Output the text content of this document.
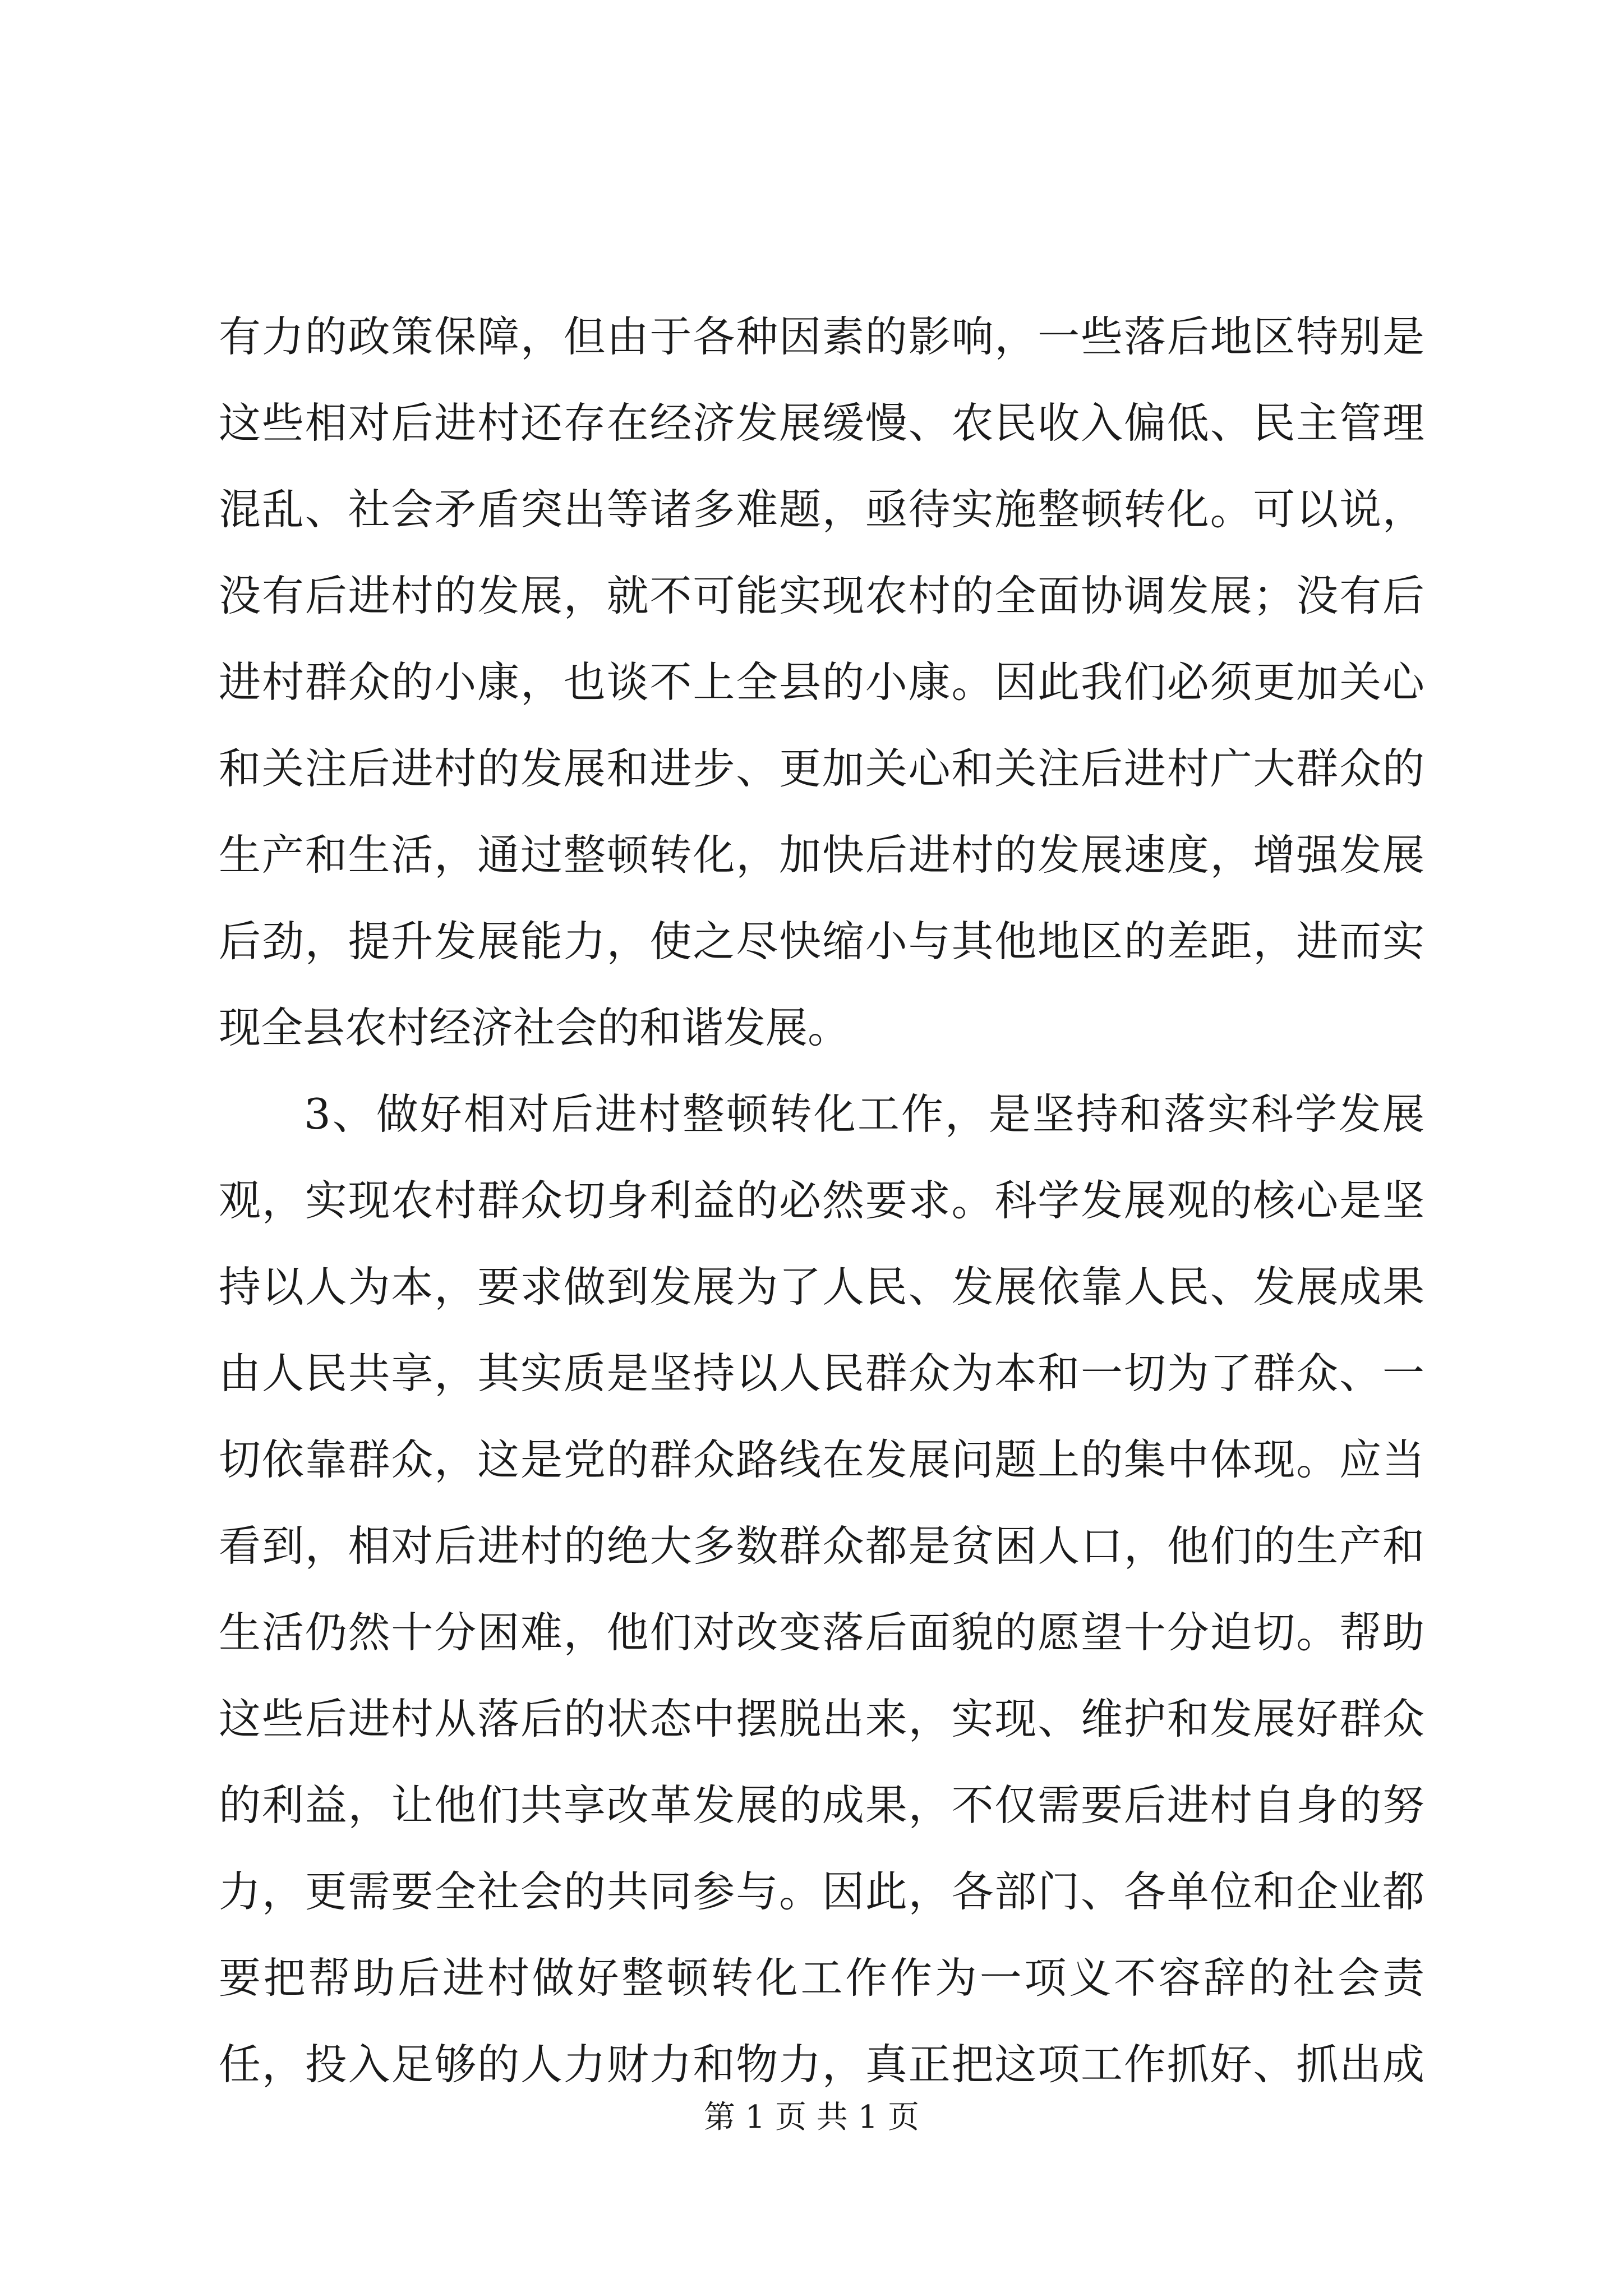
有力的政策保障，但由于各种因素的影响，一些落后地区特别是
这些相对后进村还存在经济发展缓慢、农民收入偏低、民主管理
混乱、社会矛盾突出等诸多难题，亟待实施整顿转化。可以说，
没有后进村的发展，就不可能实现农村的全面协调发展；没有后
进村群众的小康，也谈不上全县的小康。因此我们必须更加关心
和关注后进村的发展和进步、更加关心和关注后进村广大群众的
生产和生活，通过整顿转化，加快后进村的发展速度，增强发展
后劲，提升发展能力，使之尽快缩小与其他地区的差距，进而实
现全县农村经济社会的和谐发展。
3、做好相对后进村整顿转化工作，是坚持和落实科学发展
观，实现农村群众切身利益的必然要求。科学发展观的核心是坚
持以人为本，要求做到发展为了人民、发展依靠人民、发展成果
由人民共享，其实质是坚持以人民群众为本和一切为了群众、一
切依靠群众，这是党的群众路线在发展问题上的集中体现。应当
看到，相对后进村的绝大多数群众都是贫困人口，他们的生产和
生活仍然十分困难，他们对改变落后面貌的愿望十分迫切。帮助
这些后进村从落后的状态中摆脱出来，实现、维护和发展好群众
的利益，让他们共享改革发展的成果，不仅需要后进村自身的努
力，更需要全社会的共同参与。因此，各部门、各单位和企业都
要把帮助后进村做好整顿转化工作作为一项义不容辞的社会责
任，投入足够的人力财力和物力，真正把这项工作抓好、抓出成
第 1 页 共 1 页
